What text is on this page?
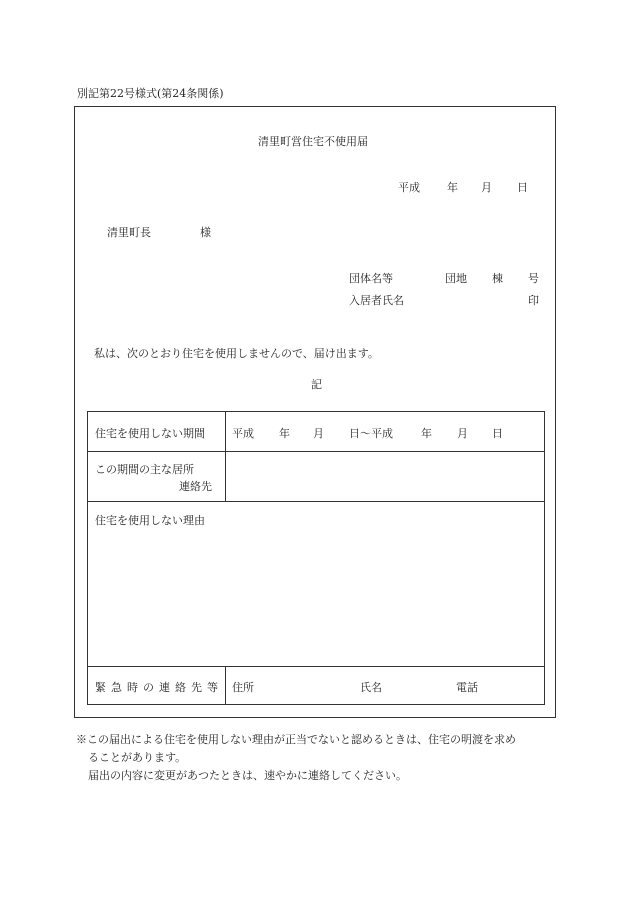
別記第22号様式(第24条関係)
清里町営住宅不使用届
平成 年 月 日
清里町長	様
団体名等	団地 棟 号
入居者氏名	印
私は、次のとおり住宅を使用しませんので、届け出ます。
記
住宅を使用しない期間 平成 年 月 日〜平成	年 月 日
この期間の主な居所
連絡先
住宅を使用しない理由
緊急時の連絡先等 住所	氏名	電話
※この届出による住宅を使用しない理由が正当でないと認めるときは、住宅の明渡を求め
ることがあります。
届出の内容に変更があつたときは、速やかに連絡してください。
